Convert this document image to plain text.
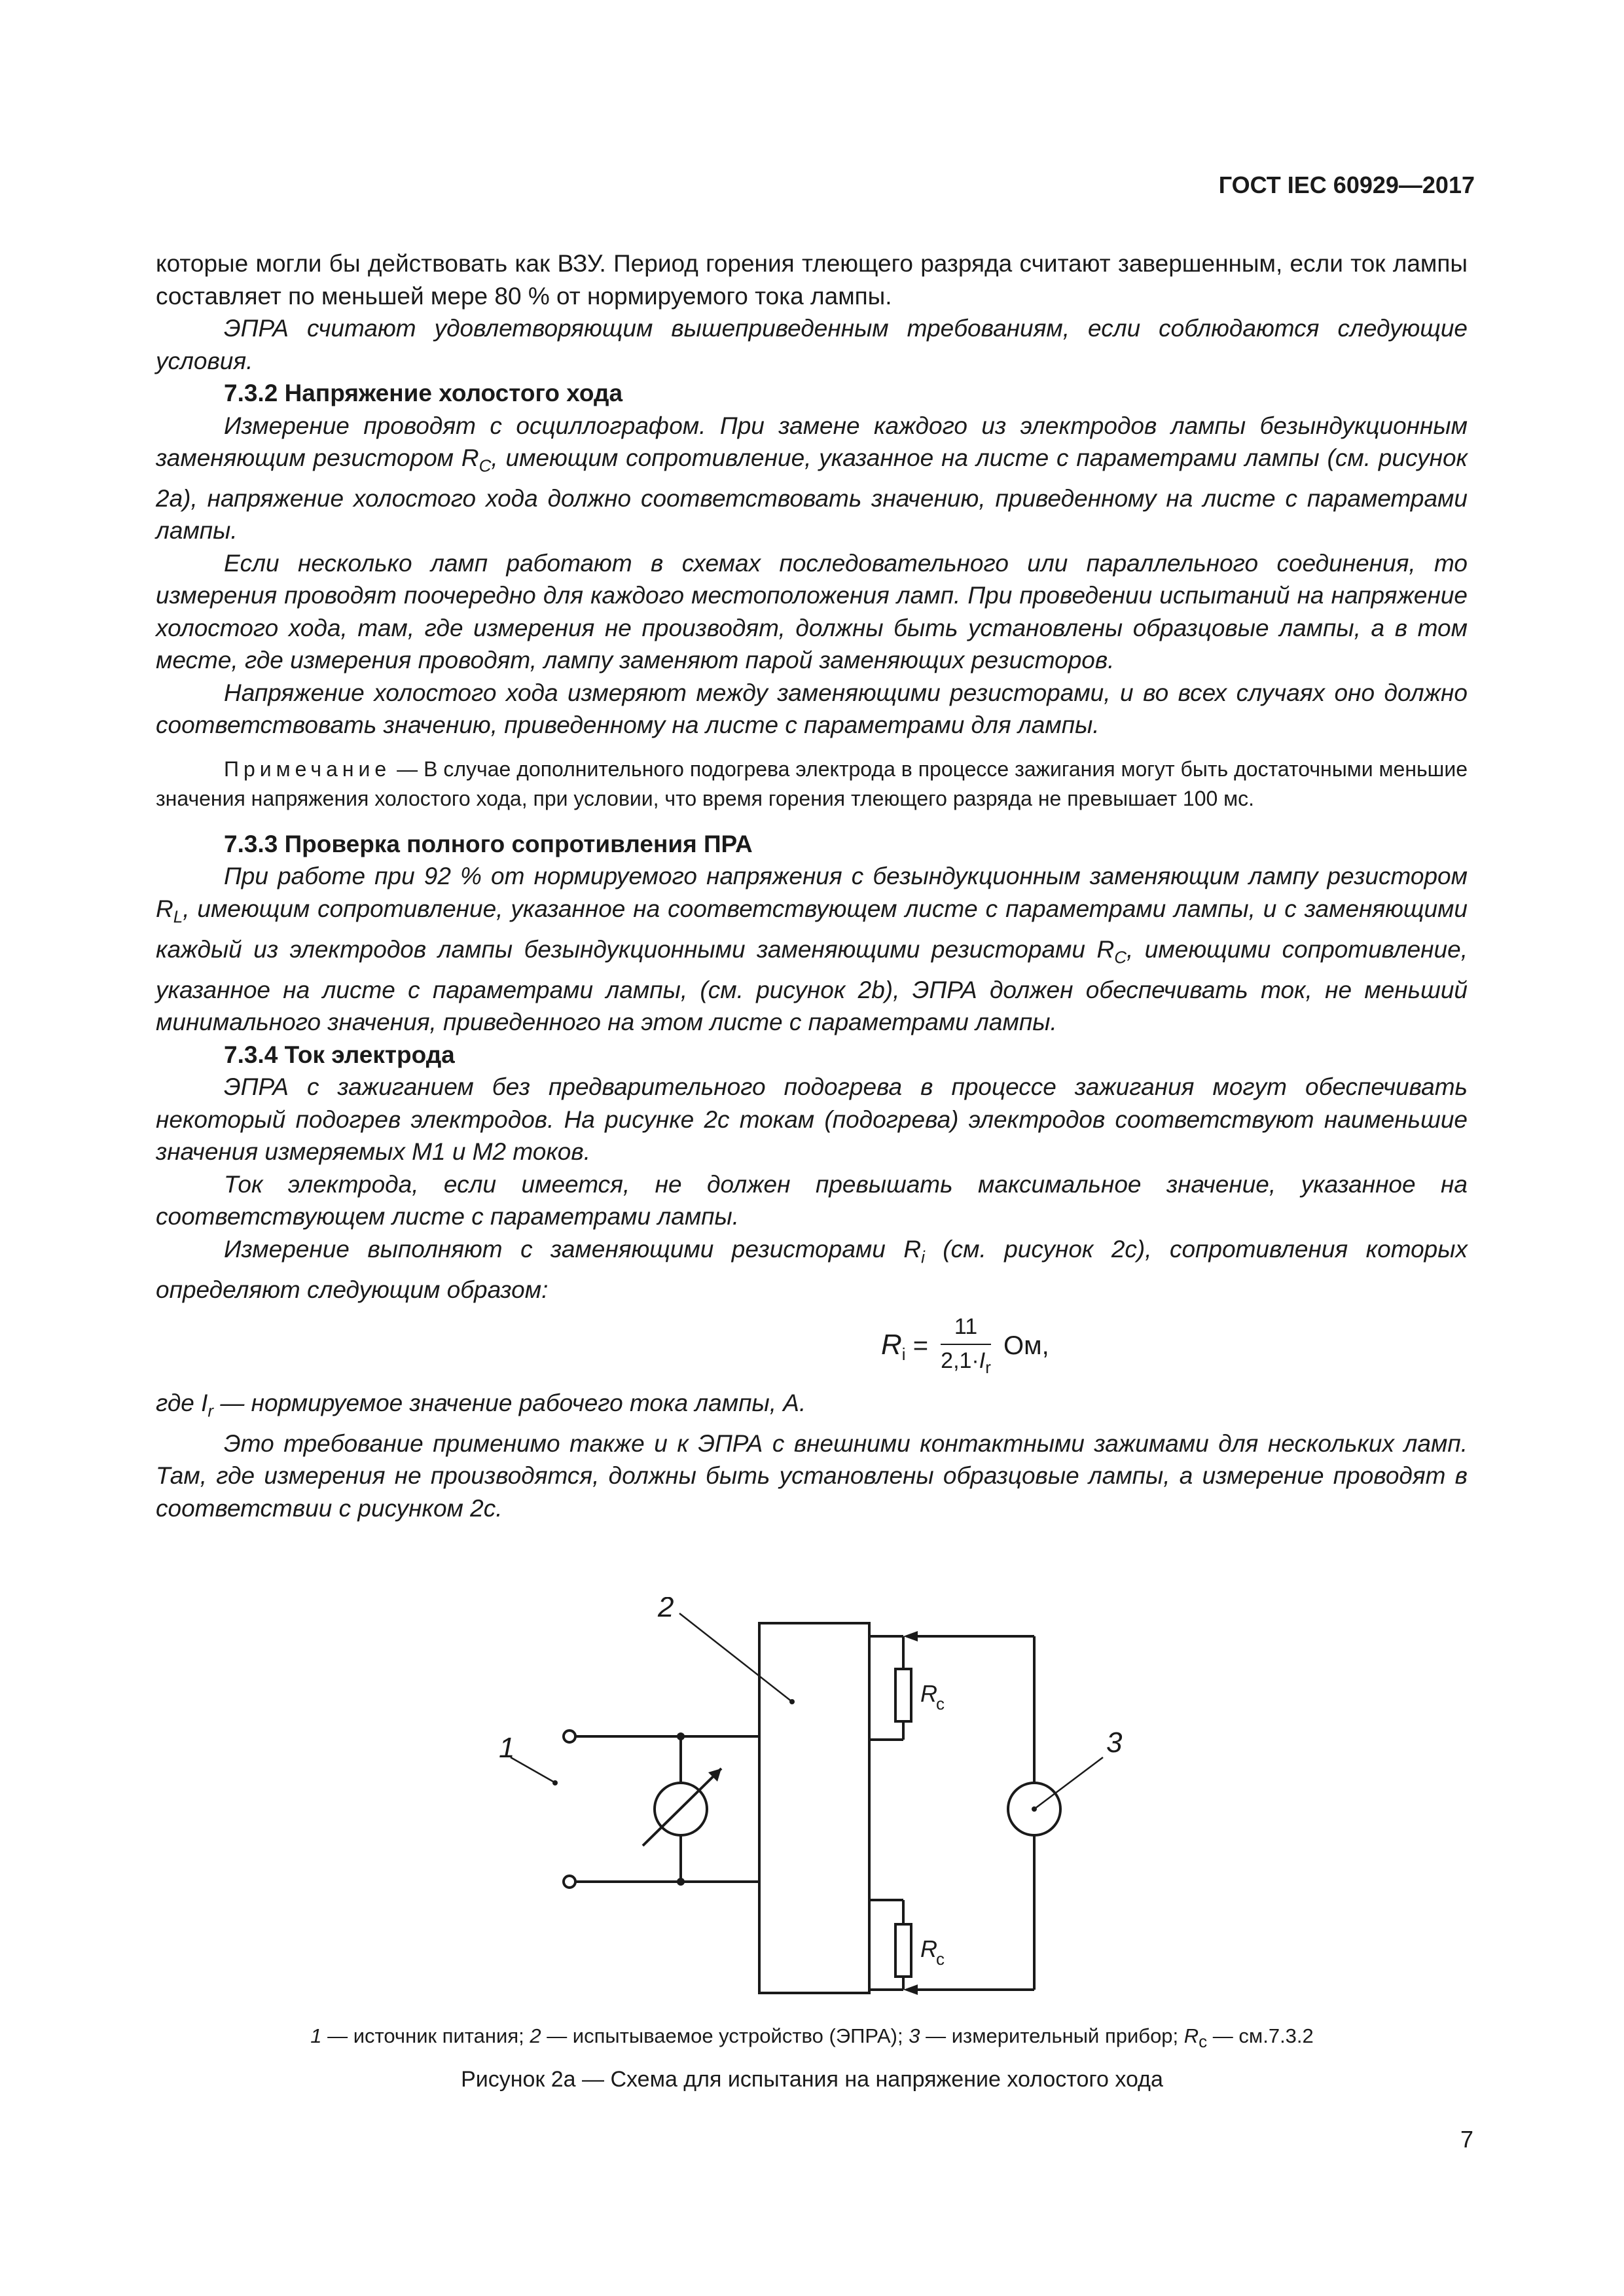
ГОСТ IEC 60929—2017

которые могли бы действовать как ВЗУ. Период горения тлеющего разряда считают завершенным, если ток лампы составляет по меньшей мере 80 % от нормируемого тока лампы.

ЭПРА считают удовлетворяющим вышеприведенным требованиям, если соблюдаются следующие условия.

7.3.2 Напряжение холостого хода

Измерение проводят с осциллографом. При замене каждого из электродов лампы безындукционным заменяющим резистором $R_C$, имеющим сопротивление, указанное на листе с параметрами лампы (см. рисунок 2а), напряжение холостого хода должно соответствовать значению, приведенному на листе с параметрами лампы.

Если несколько ламп работают в схемах последовательного или параллельного соединения, то измерения проводят поочередно для каждого местоположения ламп. При проведении испытаний на напряжение холостого хода, там, где измерения не производят, должны быть установлены образцовые лампы, а в том месте, где измерения проводят, лампу заменяют парой заменяющих резисторов.

Напряжение холостого хода измеряют между заменяющими резисторами, и во всех случаях оно должно соответствовать значению, приведенному на листе с параметрами для лампы.

Примечание — В случае дополнительного подогрева электрода в процессе зажигания могут быть достаточными меньшие значения напряжения холостого хода, при условии, что время горения тлеющего разряда не превышает 100 мс.

7.3.3 Проверка полного сопротивления ПРА

При работе при 92 % от нормируемого напряжения с безындукционным заменяющим лампу резистором $R_L$, имеющим сопротивление, указанное на соответствующем листе с параметрами лампы, и с заменяющими каждый из электродов лампы безындукционными заменяющими резисторами $R_C$, имеющими сопротивление, указанное на листе с параметрами лампы, (см. рисунок 2b), ЭПРА должен обеспечивать ток, не меньший минимального значения, приведенного на этом листе с параметрами лампы.

7.3.4 Ток электрода

ЭПРА с зажиганием без предварительного подогрева в процессе зажигания могут обеспечивать некоторый подогрев электродов. На рисунке 2с токам (подогрева) электродов соответствуют наименьшие значения измеряемых М1 и М2 токов.

Ток электрода, если имеется, не должен превышать максимальное значение, указанное на соответствующем листе с параметрами лампы.

Измерение выполняют с заменяющими резисторами $R_i$ (см. рисунок 2с), сопротивления которых определяют следующим образом:

$R_i = \frac{11}{2,1\cdot I_r}$ Ом,

где $I_r$ — нормируемое значение рабочего тока лампы, А.

Это требование применимо также и к ЭПРА с внешними контактными зажимами для нескольких ламп. Там, где измерения не производятся, должны быть установлены образцовые лампы, а измерение проводят в соответствии с рисунком 2с.

1
2
3
R
c
R
c
1 — источник питания; 2 — испытываемое устройство (ЭПРА); 3 — измерительный прибор; $R_c$ — см.7.3.2
Рисунок 2а — Схема для испытания на напряжение холостого хода
7
